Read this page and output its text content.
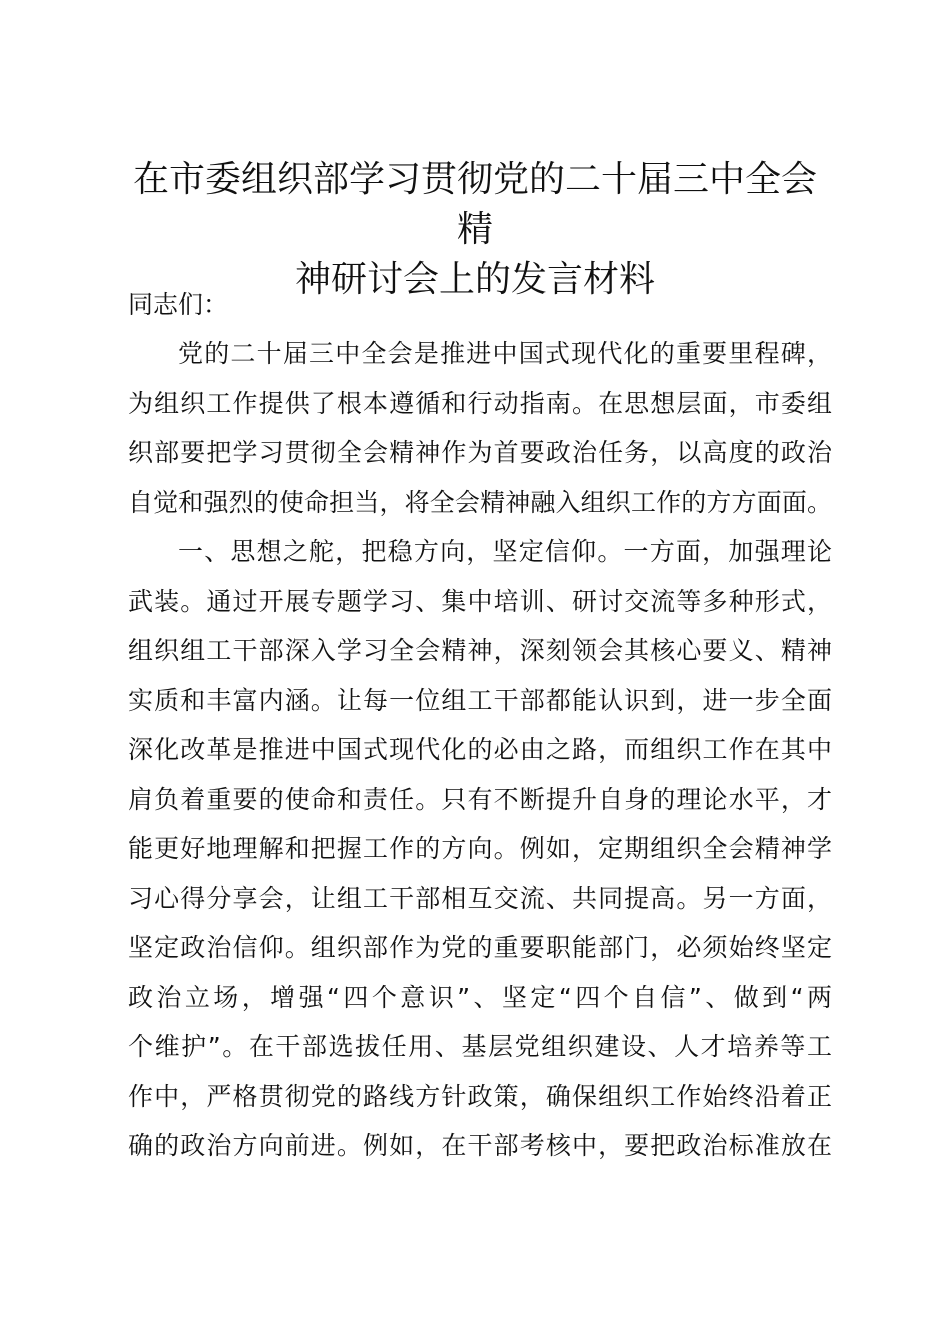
在市委组织部学习贯彻党的二十届三中全会精
神研讨会上的发言材料

同志们：

党的二十届三中全会是推进中国式现代化的重要里程碑，
为组织工作提供了根本遵循和行动指南。在思想层面，市委组
织部要把学习贯彻全会精神作为首要政治任务，以高度的政治
自觉和强烈的使命担当，将全会精神融入组织工作的方方面面。
一、思想之舵，把稳方向，坚定信仰。一方面，加强理论
武装。通过开展专题学习、集中培训、研讨交流等多种形式，
组织组工干部深入学习全会精神，深刻领会其核心要义、精神
实质和丰富内涵。让每一位组工干部都能认识到，进一步全面
深化改革是推进中国式现代化的必由之路，而组织工作在其中
肩负着重要的使命和责任。只有不断提升自身的理论水平，才
能更好地理解和把握工作的方向。例如，定期组织全会精神学
习心得分享会，让组工干部相互交流、共同提高。另一方面，
坚定政治信仰。组织部作为党的重要职能部门，必须始终坚定
政治立场，增强“四个意识”、坚定“四个自信”、做到“两
个维护”。在干部选拔任用、基层党组织建设、人才培养等工
作中，严格贯彻党的路线方针政策，确保组织工作始终沿着正
确的政治方向前进。例如，在干部考核中，要把政治标准放在
